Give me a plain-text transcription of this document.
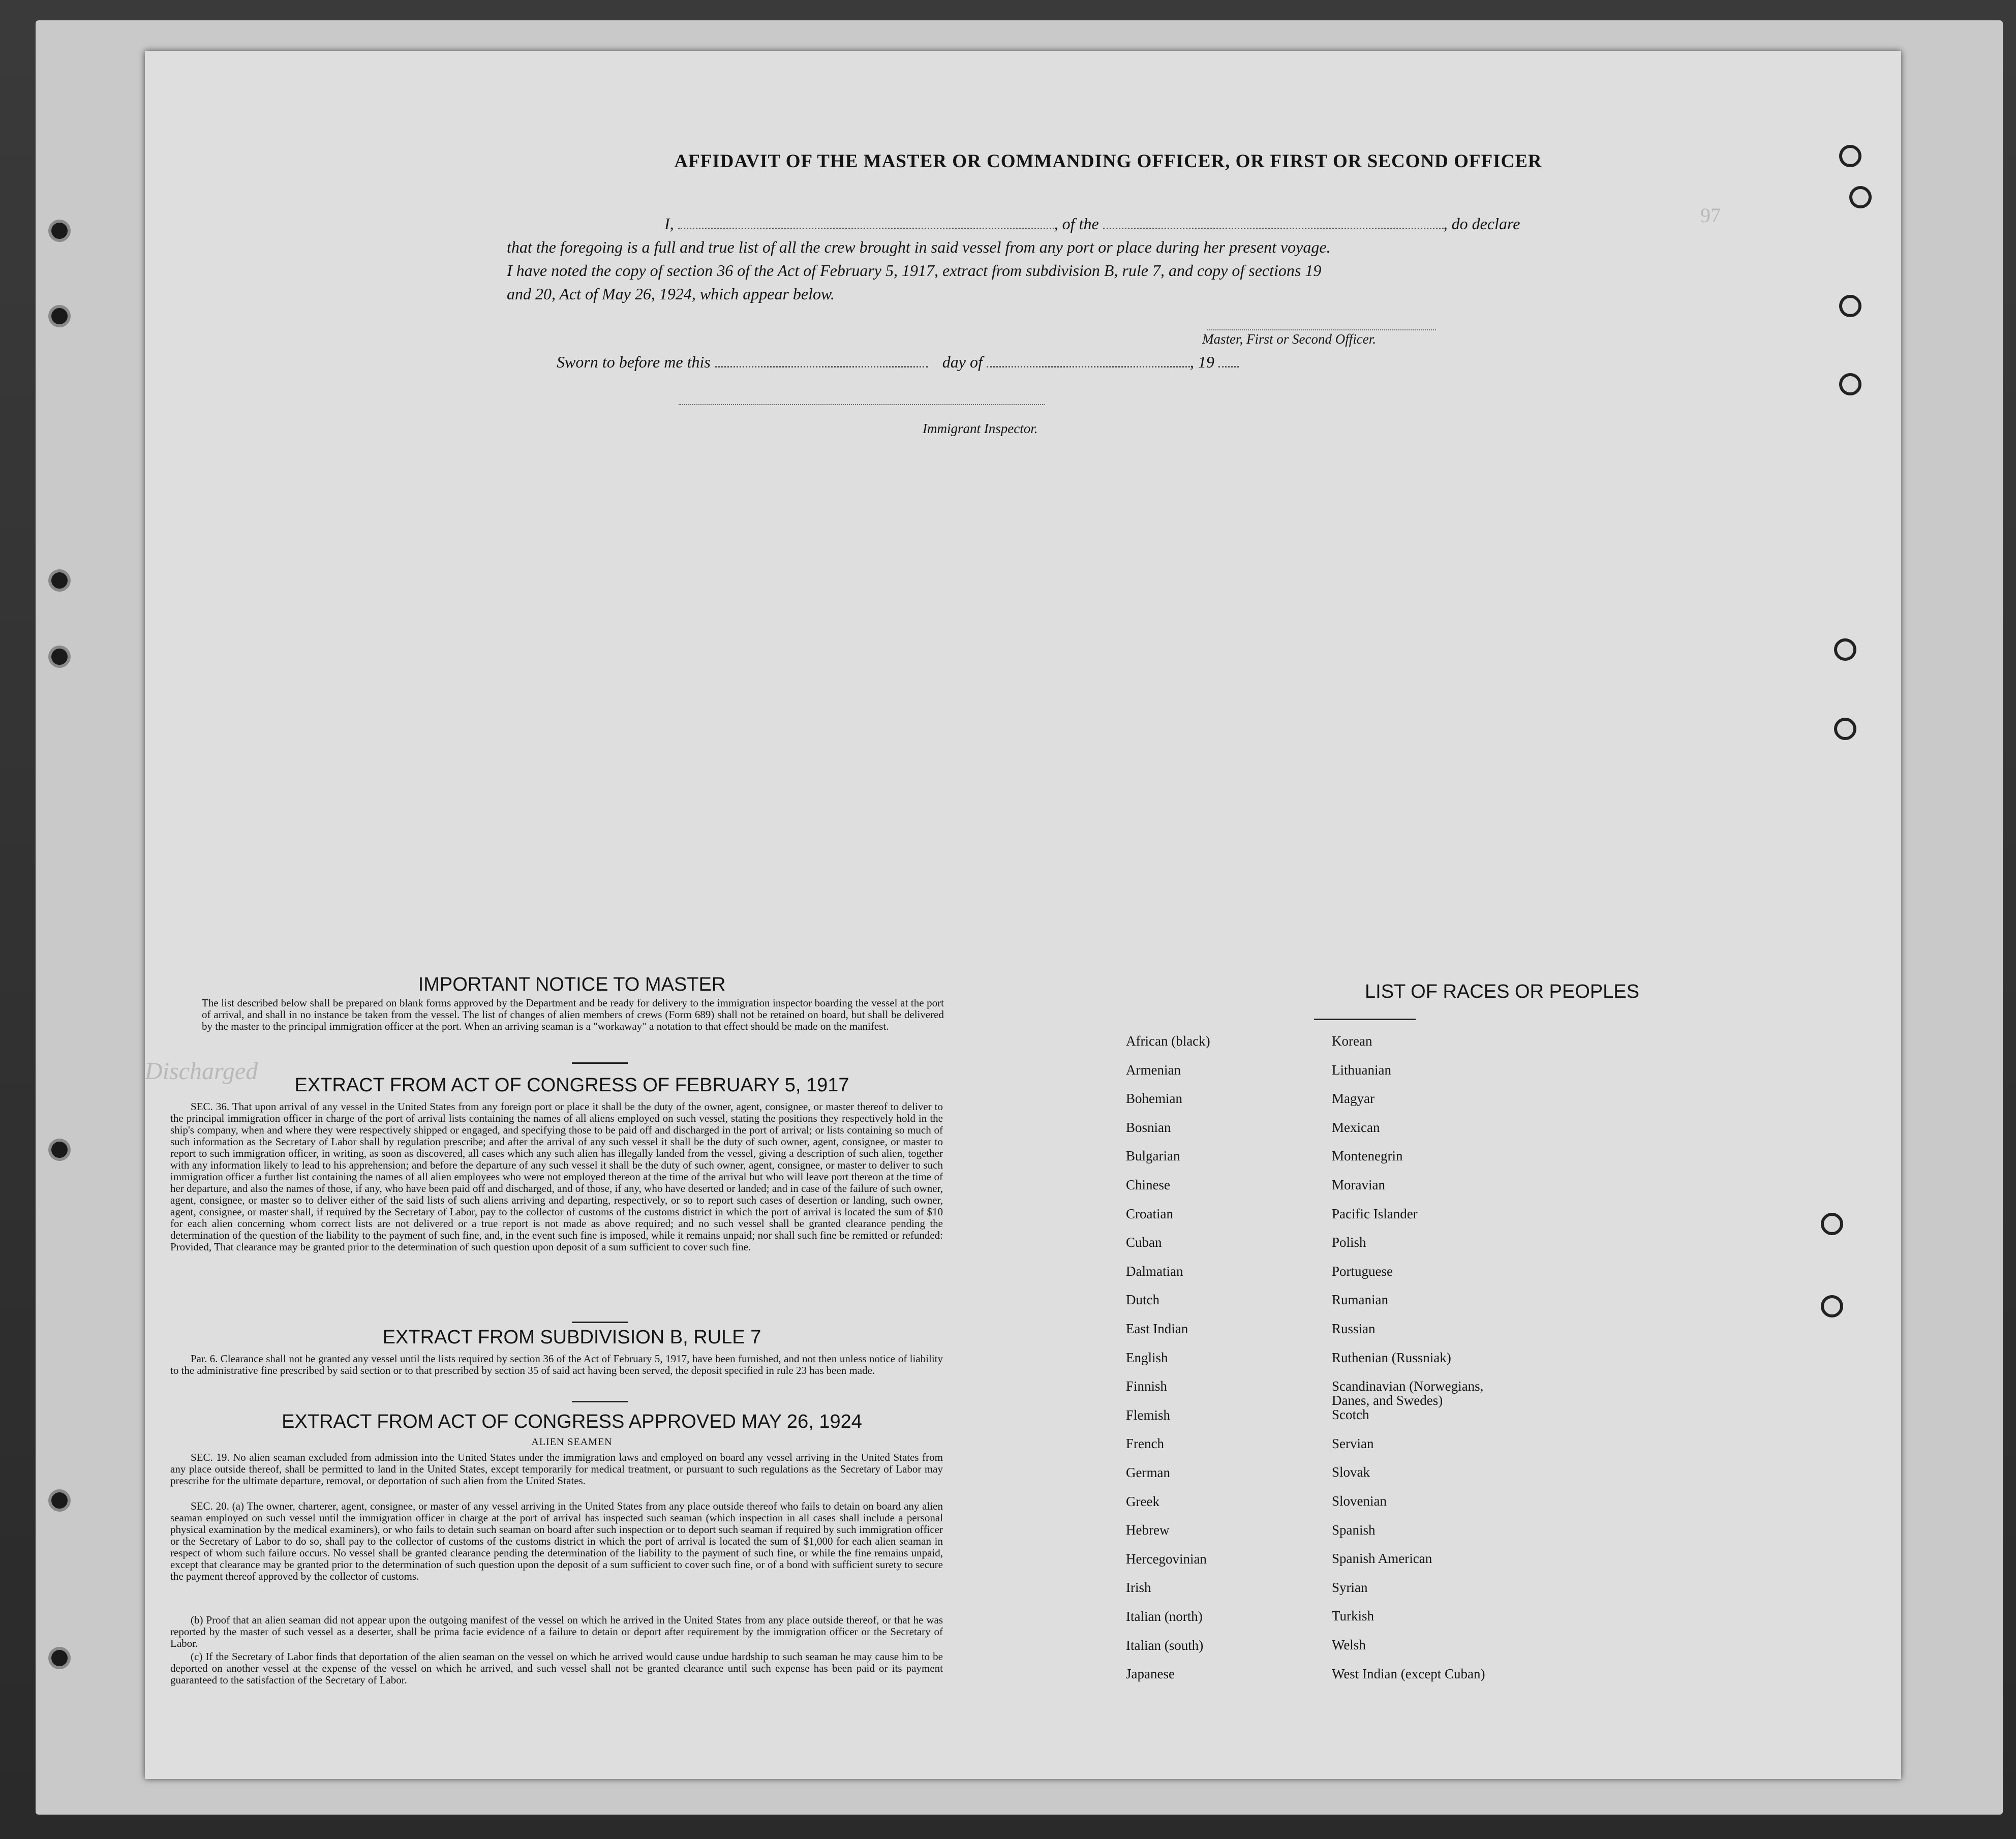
Discharged
97
AFFIDAVIT OF THE MASTER OR COMMANDING OFFICER, OR FIRST OR SECOND OFFICER
I,	, of the	, do declare
that the foregoing is a full and true list of all the crew brought in said vessel from any port or place during her present voyage.
I have noted the copy of section 36 of the Act of February 5, 1917, extract from subdivision B, rule 7, and copy of sections 19
and 20, Act of May 26, 1924, which appear below.
Master, First or Second Officer.
Sworn to before me this	day of	, 19
Immigrant Inspector.
IMPORTANT NOTICE TO MASTER
The list described below shall be prepared on blank forms approved by the Department and be ready for delivery to the immigration inspector boarding the vessel at the port of arrival, and shall in no instance be taken from the vessel. The list of changes of alien members of crews (Form 689) shall not be retained on board, but shall be delivered by the master to the principal immigration officer at the port. When an arriving seaman is a "workaway" a notation to that effect should be made on the manifest.
EXTRACT FROM ACT OF CONGRESS OF FEBRUARY 5, 1917
SEC. 36. That upon arrival of any vessel in the United States from any foreign port or place it shall be the duty of the owner, agent, consignee, or master thereof to deliver to the principal immigration officer in charge of the port of arrival lists containing the names of all aliens employed on such vessel, stating the positions they respectively hold in the ship's company, when and where they were respectively shipped or engaged, and specifying those to be paid off and discharged in the port of arrival; or lists containing so much of such information as the Secretary of Labor shall by regulation prescribe; and after the arrival of any such vessel it shall be the duty of such owner, agent, consignee, or master to report to such immigration officer, in writing, as soon as discovered, all cases which any such alien has illegally landed from the vessel, giving a description of such alien, together with any information likely to lead to his apprehension; and before the departure of any such vessel it shall be the duty of such owner, agent, consignee, or master to deliver to such immigration officer a further list containing the names of all alien employees who were not employed thereon at the time of the arrival but who will leave port thereon at the time of her departure, and also the names of those, if any, who have been paid off and discharged, and of those, if any, who have deserted or landed; and in case of the failure of such owner, agent, consignee, or master so to deliver either of the said lists of such aliens arriving and departing, respectively, or so to report such cases of desertion or landing, such owner, agent, consignee, or master shall, if required by the Secretary of Labor, pay to the collector of customs of the customs district in which the port of arrival is located the sum of $10 for each alien concerning whom correct lists are not delivered or a true report is not made as above required; and no such vessel shall be granted clearance pending the determination of the question of the liability to the payment of such fine, and, in the event such fine is imposed, while it remains unpaid; nor shall such fine be remitted or refunded: Provided, That clearance may be granted prior to the determination of such question upon deposit of a sum sufficient to cover such fine.
EXTRACT FROM SUBDIVISION B, RULE 7
Par. 6. Clearance shall not be granted any vessel until the lists required by section 36 of the Act of February 5, 1917, have been furnished, and not then unless notice of liability to the administrative fine prescribed by said section or to that prescribed by section 35 of said act having been served, the deposit specified in rule 23 has been made.
EXTRACT FROM ACT OF CONGRESS APPROVED MAY 26, 1924
ALIEN SEAMEN
SEC. 19. No alien seaman excluded from admission into the United States under the immigration laws and employed on board any vessel arriving in the United States from any place outside thereof, shall be permitted to land in the United States, except temporarily for medical treatment, or pursuant to such regulations as the Secretary of Labor may prescribe for the ultimate departure, removal, or deportation of such alien from the United States.
SEC. 20. (a) The owner, charterer, agent, consignee, or master of any vessel arriving in the United States from any place outside thereof who fails to detain on board any alien seaman employed on such vessel until the immigration officer in charge at the port of arrival has inspected such seaman (which inspection in all cases shall include a personal physical examination by the medical examiners), or who fails to detain such seaman on board after such inspection or to deport such seaman if required by such immigration officer or the Secretary of Labor to do so, shall pay to the collector of customs of the customs district in which the port of arrival is located the sum of $1,000 for each alien seaman in respect of whom such failure occurs. No vessel shall be granted clearance pending the determination of the liability to the payment of such fine, or while the fine remains unpaid, except that clearance may be granted prior to the determination of such question upon the deposit of a sum sufficient to cover such fine, or of a bond with sufficient surety to secure the payment thereof approved by the collector of customs.
(b) Proof that an alien seaman did not appear upon the outgoing manifest of the vessel on which he arrived in the United States from any place outside thereof, or that he was reported by the master of such vessel as a deserter, shall be prima facie evidence of a failure to detain or deport after requirement by the immigration officer or the Secretary of Labor.
(c) If the Secretary of Labor finds that deportation of the alien seaman on the vessel on which he arrived would cause undue hardship to such seaman he may cause him to be deported on another vessel at the expense of the vessel on which he arrived, and such vessel shall not be granted clearance until such expense has been paid or its payment guaranteed to the satisfaction of the Secretary of Labor.
LIST OF RACES OR PEOPLES
African (black)
Armenian
Bohemian
Bosnian
Bulgarian
Chinese
Croatian
Cuban
Dalmatian
Dutch
East Indian
English
Finnish
Flemish
French
German
Greek
Hebrew
Hercegovinian
Irish
Italian (north)
Italian (south)
Japanese
Korean
Lithuanian
Magyar
Mexican
Montenegrin
Moravian
Pacific Islander
Polish
Portuguese
Rumanian
Russian
Ruthenian (Russniak)
Scandinavian (Norwegians,
Danes, and Swedes)
Scotch
Servian
Slovak
Slovenian
Spanish
Spanish American
Syrian
Turkish
Welsh
West Indian (except Cuban)
